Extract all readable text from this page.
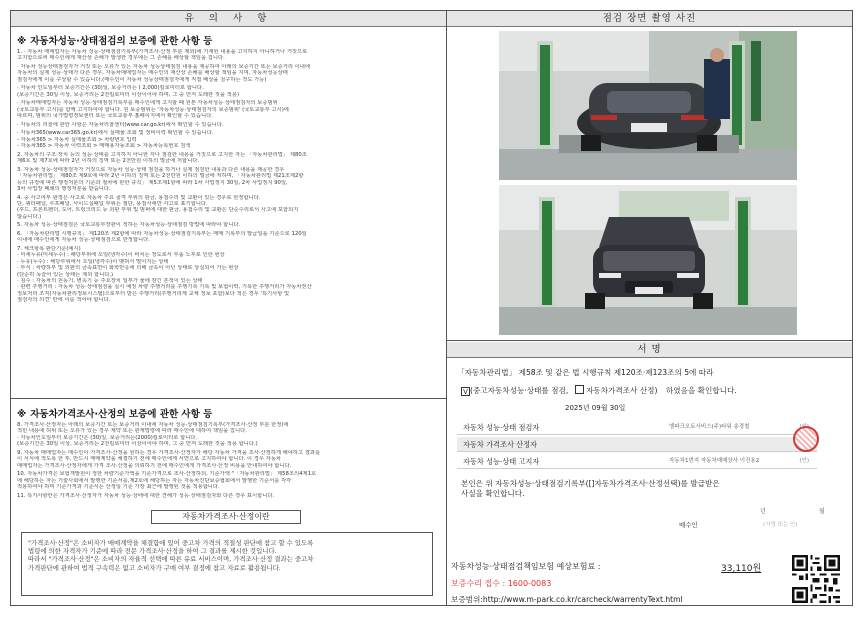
유 의 사 항
※ 자동차성능·상태점검의 보증에 관한 사항 등

1. · 자동차 매매업자는 자동차 성능·상태점검기록부(가격조사·산정 부분 제외)에 기재된 내용을 고지하지 아니하거나 거짓으로

고지함으로써 매수인에게 재산상 손해가 발생한 경우에는 그 손해를 배상할 책임을 집니다.

· 자동차 성능상태점검자가 거짓 또는 오류가 있는 자동차 성능상태점검 내용을 제공하여 아래의 보증기간 또는 보증거리 이내에

자동차의 실제 성능·상태가 다른 경우, 자동차매매업자는 매수인의 재산상 손해를 배상할 책임을 지며, 자동차성능상태

점검자에게 이를 구상할 수 있습니다.(매수인이 자동차 성능상태점검자에게 직접 배상을 청구하는 것도 가능)

· 자동차 인도일부터 보증기간은 (30)일, 보증거리는 ( 2,000)킬로미터로 합니다.

(보증기간은 30일 이상, 보증거리는 2천킬로미터 이상이어야 하며, 그 중 먼저 도래한 것을 적용)

· 자동차매매업자는 자동차 성능·상태점검기록부를 매수인에게 고지할 때 원본 자동차성능·상태점검자의 보증범위

(국토교통부 고시)를 함께 고지하여야 합니다. 원 보증범위는 '자동차성능·상태점검자의 보증범위' (국토교통부 고시)에

따르며, 범위의 국가법령정보센터 또는 국토교통부 홈페이지에서 확인할 수 있습니다.

· 자동차의 리콜에 관한 사항은 자동차리콜센터(www.car.go.kr)에서 확인할 수 있습니다.

· 자동차365(www.car365.go.kr)에서 실매물 조회 및 정비이력 확인할 수 있습니다.

- 자동차365 > 자동차 실매물조회 > 차량번호 입력

- 자동차365 > 자동차 이력조회 > 매매용자동조회 > 자동차등록번호 검색

2. 자동차의 구조·장치 등의 성능·상태를 고지하지 아니한 자나 점검한 내용을 거짓으로 고지한 자는 「자동차관리법」 제80조

제6호 및 제7호에 따라 2년 이하의 징역 또는 2천만원 이하의 벌금에 처합니다.

3. 자동차 성능·상태점검자가 거짓으로 자동차 성능·상태 점검을 하거나 실제 점검한 내용과 다른 내용을 제공한 경우

「자동차관리법」 제80조 제9호에 따라 2년 이하의 징역 또는 2천만원 이하의 벌금에 처하며, 「자동차관리법 제21조제2항

등의 규정에 따른 행정처분의 기준과 절차에 관한 규칙」 제5조제1항에 따라 1차 사업정지 30일, 2차 사업정지 90일,

3차 사업장 폐쇄의 행정처분을 받습니다.

4. 중 사고여부 판정은 사고로 자동차 주요 골격 부위의 판금, 용접수리 및 교환이 있는 경우로 한정합니다.

단, 쿼터패널, 루프패널, 사이드실패널 부위는 절단, 용접시에만 사고로 표기합니다.

(후드, 프론트펜더, 도어, 트렁크리드 등 외판 부위 및 범퍼에 대한 판금, 용접수리 및 교환은 단순수리로서 사고에 포함되지

않습니다.)

5. 자동차 성능·상태점검은 국토교통부장관이 정하는 자동차성능·상태점검 방법에 따라야 합니다.

6. 「자동차관리법 시행규칙」 제120조 제2항에 따라 자동차성능·상태점검기록부는 매매 기록부의 발급일을 기준으로 120일

이내에 매수인에게 자동차 성능·상태점검으로 한정합니다.

7. 체크항목 판단기준(예시)

· 미세누유(미세누수) : 해당부위에 오일(냉각수)이 비치는 정도로서 부품 노후로 인한 현상

· 누유(누수) : 해당부위에서 오일(냉각수)이 맺혀서 떨어지는 상태

· 부식 : 차량하부 및 외판의 금속표면이 화학반응에 의해 금속이 아닌 상태로 상실되어 가는 현상

(단순히 녹슬어 있는 상태는 제외 합니다.)

· 침수 : 자동차의 원동기, 변속기 등 주요장치 일부가 물에 잠긴 흔적이 있는 상태

· 관련 주행거리 : 자동차 성능·상태점검을 실시 예정 차량 주행거리를 주행기록 기록 및 보험이력, 기록한 주행거리가 자동차전산

정보처리 조직(자동차관리정보시스템)으로부터 받은 주행거리(주행거리계 교체 정보 포함)보다 적은 경우 '특기사항 및

점검자의 의견' 란에 이를 적어야 합니다.

※ 자동차가격조사·산정의 보증에 관한 사항 등

8. 가격조사·산정자는 아래의 보증기간 또는 보증거리 이내에 자동차 성능·상태점검기록부(가격조사·산정 부분 한정)에

적힌 내용에 허위 또는 오류가 있는 경우 계약 또는 관계법령에 따라 매수인에 대하여 책임을 집니다.

· 자동차인도일부터 보증기간은 (30)일, 보증거리는(2000)킬로미터로 합니다.

(보증기간은 30일 이상, 보증거리는 2천킬로미터 이상이어야 하며, 그 중 먼저 도래한 것을 적용 합니다.)

9. 자동차 매매업자는 매수인이 가격조사·산정을 원하는 경우 가격조사·산정자가 해당 자동차 가격을 조사·산정하게 해야하고 결과를

이 서식에 적도록 한 후, 반드시 매매계약을 체결하기 전에 매수인에게 서면으로 고지하여야 합니다. 이 경우 자동차

매매업자는 가격조사·산정자에게 가격 조사·산정을 의뢰하기 전에 매수인에게 가격조사·산정 비용을 안내하여야 합니다.

10. 자동차가격은 보험개발원이 정한 차량기준가액을 기준가격으로 조사·산정하되, 기준가액 "「자동차관리법」 제58조의4제1호

에 해당하는 자는 기술사회에서 발행한 기준서를,제2호에 해당하는 자는 자동차진단보증협회에서 발행한 기준서를 각각

적용하여야 하며 기준가격과 기준서는 산정일 기준 가장 최근에 발행된 것을 적용합니다.

11. 특기사항란은 가격조사·산정자가 자동차 성능·상태에 대한 견해가 성능·상태점검자와 다른 경우 표시합니다.

자동차가격조사·산정이란

"가격조사·산정"은 소비자가 매매계약을 체결함에 있어 중고차 가격의 적절성 판단에 참고 할 수 있도록

법령에 의한 자격자가 기준에 따라 전문 가격조사·산정을 하여 그 결과를 제시한 것입니다.

따라서 "가격조사·산정"은 소비자의 자율적 선택에 따른 유료 서비스이며, 가격조사·산정 결과는 중고차

가격판단에 관하여 법적 구속력은 없고 소비자가 구매 여부 결정에 참고 자료로 활용됩니다.

점검 장면 촬영 사진
서 명
「자동차관리법」 제58조 및 같은 법 시행규칙 제120조·제123조의 5에 따라
V (중고자동차성능·상태를 점검, 자동차가격조사 산정) 하였음을 확인합니다.
2025년 09월 30일
자동차 성능·상태 점검자	엠파크오토서비스(주)타워 송경철
자동차 가격조사 산정자
자동차 성능·상태 고지자	자동차1번지 자동차매매상사 이진용2	(인)
본인은 위 자동차성능·상태점검기록부([]자동차가격조사·산정선택)를 발급받은
사실을 확인합니다.
년	월
매수인	(서명 또는 인)
자동차성능·상태점검책임보험 예상보험료 :	33,110원
보증수리 접수 : 1600-0083
보증범위:http://www.m-park.co.kr/carcheck/warrentyText.html
